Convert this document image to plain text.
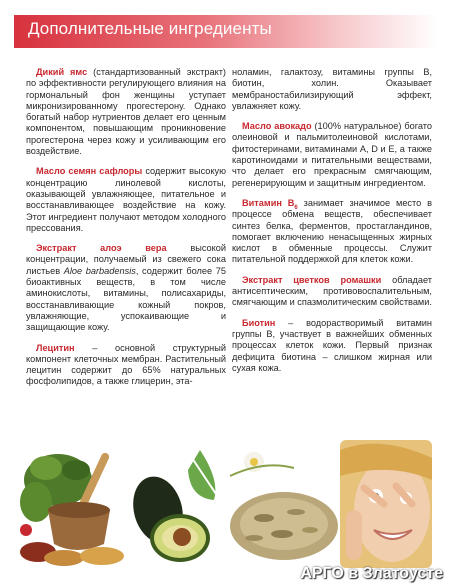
Дополнительные ингредиенты

Дикий ямс (стандартизованный экстракт) по эффективности регулирующего влияния на гормональный фон женщины уступает микронизированному прогестерону. Однако богатый набор нутриентов делает его ценным компонентом, повышающим проникновение прогестерона через кожу и усиливающим его воздействие.

Масло семян сафлоры содержит высокую концентрацию линолевой кислоты, оказывающей увлажняющее, питательное и восстанавливающее воздействие на кожу. Этот ингредиент получают методом холодного прессования.

Экстракт алоэ вера высокой концентрации, получаемый из свежего сока листьев Aloe barbadensis, содержит более 75 биоактивных веществ, в том числе аминокислоты, витамины, полисахариды, восстанавливающие кожный покров, увлажняющие, успокаивающие и защищающие кожу.

Лецитин – основной структурный компонент клеточных мембран. Растительный лецитин содержит до 65% натуральных фосфолипидов, а также глицерин, эта-

ноламин, галактозу, витамины группы B, биотин, холин. Оказывает мембраностабилизирующий эффект, увлажняет кожу.

Масло авокадо (100% натуральное) богато олеиновой и пальмитолеиновой кислотами, фитостеринами, витаминами A, D и E, а также каротиноидами и питательными веществами, что делает его прекрасным смягчающим, регенерирующим и защитным ингредиентом.

Витамин $B_6$ занимает значимое место в процессе обмена веществ, обеспечивает синтез белка, ферментов, простагландинов, помогает включению ненасыщенных жирных кислот в обменные процессы. Служит питательной поддержкой для клеток кожи.

Экстракт цветков ромашки обладает антисептическим, противовоспалительным, смягчающим и спазмолитическим свойствами.

Биотин – водорастворимый витамин группы B, участвует в важнейших обменных процессах клеток кожи. Первый признак дефицита биотина – слишком жирная или сухая кожа.

АРГО в Златоусте
